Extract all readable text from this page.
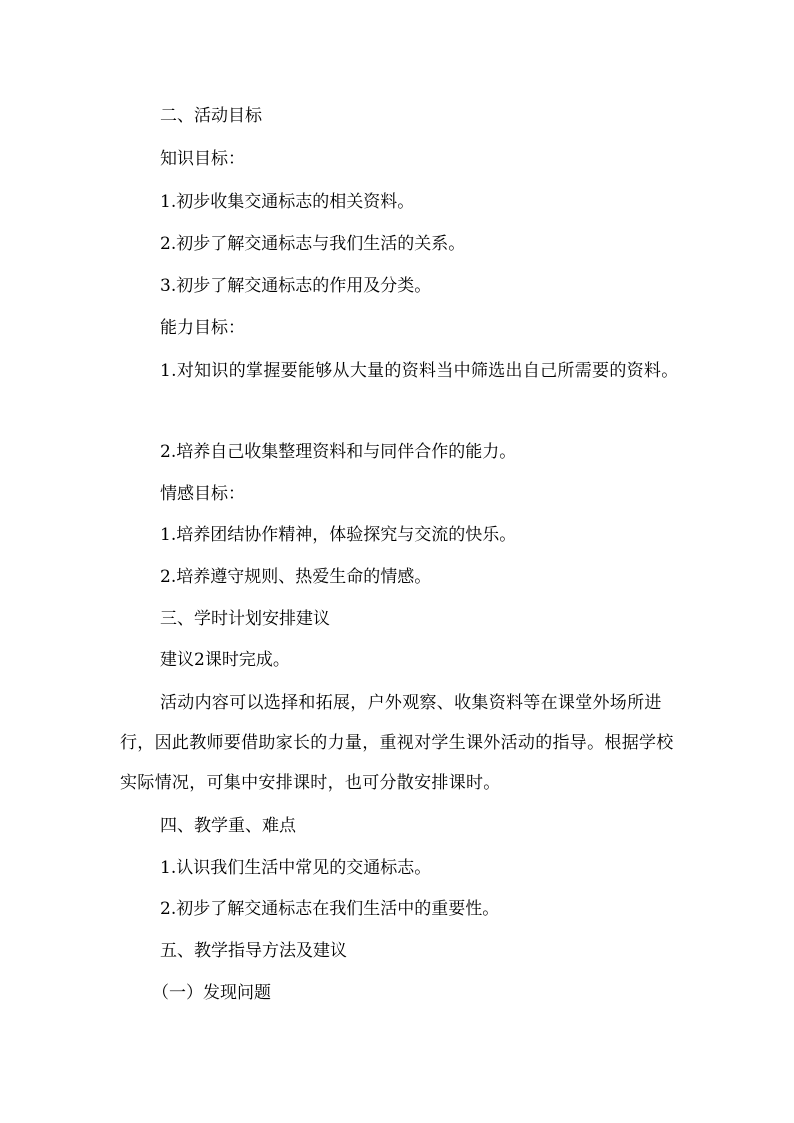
二、活动目标
知识目标：
1.初步收集交通标志的相关资料。
2.初步了解交通标志与我们生活的关系。
3.初步了解交通标志的作用及分类。
能力目标：
1.对知识的掌握要能够从大量的资料当中筛选出自己所需要的资料。
2.培养自己收集整理资料和与同伴合作的能力。
情感目标：
1.培养团结协作精神，体验探究与交流的快乐。
2.培养遵守规则、热爱生命的情感。
三、学时计划安排建议
建议2课时完成。
活动内容可以选择和拓展，户外观察、收集资料等在课堂外场所进行，因此教师要借助家长的力量，重视对学生课外活动的指导。根据学校实际情况，可集中安排课时，也可分散安排课时。
四、教学重、难点
1.认识我们生活中常见的交通标志。
2.初步了解交通标志在我们生活中的重要性。
五、教学指导方法及建议
（一）发现问题
